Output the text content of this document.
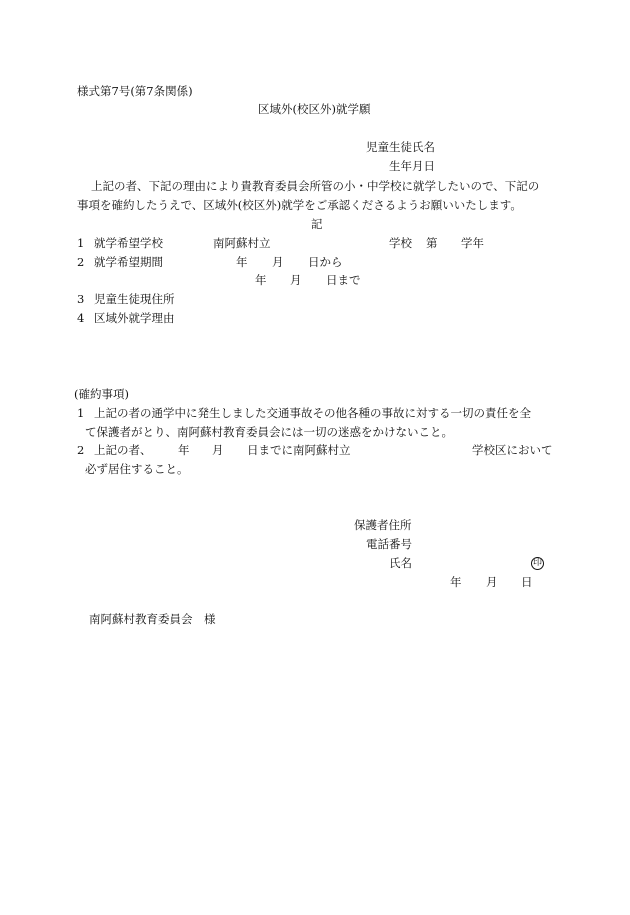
様式第7号(第7条関係)
区域外(校区外)就学願
児童生徒氏名
生年月日
上記の者、下記の理由により貴教育委員会所管の小・中学校に就学したいので、下記の
事項を確約したうえで、区域外(校区外)就学をご承認くださるようお願いいたします。
記
1 就学希望学校	南阿蘇村立	学校 第 学年
2 就学希望期間	年 月 日から
年 月 日まで
3 児童生徒現住所
4 区域外就学理由
(確約事項)
1 上記の者の通学中に発生しました交通事故その他各種の事故に対する一切の責任を全
て保護者がとり、南阿蘇村教育委員会には一切の迷惑をかけないこと。
2 上記の者、 年 月 日までに南阿蘇村立	学校区において
必ず居住すること。
保護者住所
電話番号
氏名	印
年 月 日
南阿蘇村教育委員会　様
